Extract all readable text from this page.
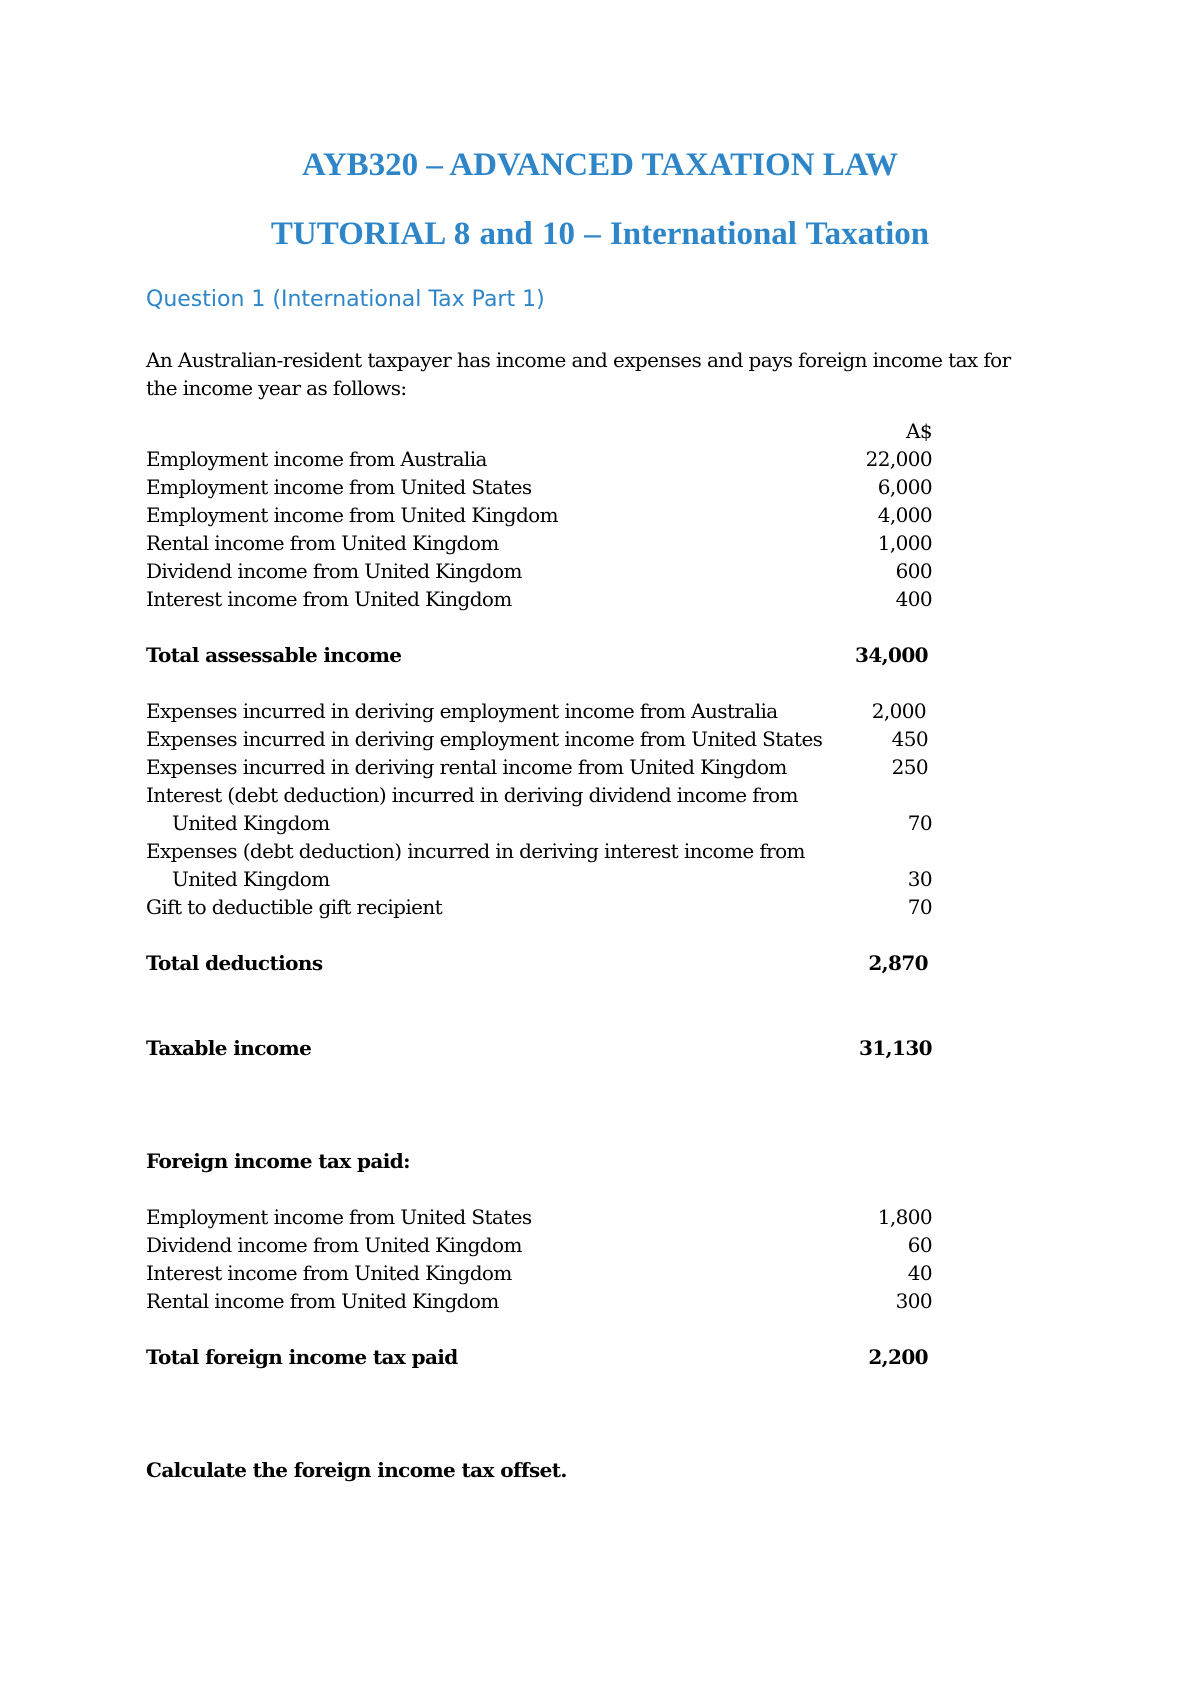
AYB320 – ADVANCED TAXATION LAW
TUTORIAL 8 and 10 – International Taxation
Question 1 (International Tax Part 1)
An Australian-resident taxpayer has income and expenses and pays foreign income tax for the income year as follows:
A$
Employment income from Australia	22,000
Employment income from United States	6,000
Employment income from United Kingdom	4,000
Rental income from United Kingdom	1,000
Dividend income from United Kingdom	600
Interest income from United Kingdom	400
Total assessable income	34,000
Expenses incurred in deriving employment income from Australia	2,000
Expenses incurred in deriving employment income from United States	450
Expenses incurred in deriving rental income from United Kingdom	250
Interest (debt deduction) incurred in deriving dividend income from
United Kingdom	70
Expenses (debt deduction) incurred in deriving interest income from
United Kingdom	30
Gift to deductible gift recipient	70
Total deductions	2,870
Taxable income	31,130
Foreign income tax paid:
Employment income from United States	1,800
Dividend income from United Kingdom	60
Interest income from United Kingdom	40
Rental income from United Kingdom	300
Total foreign income tax paid	2,200
Calculate the foreign income tax offset.
